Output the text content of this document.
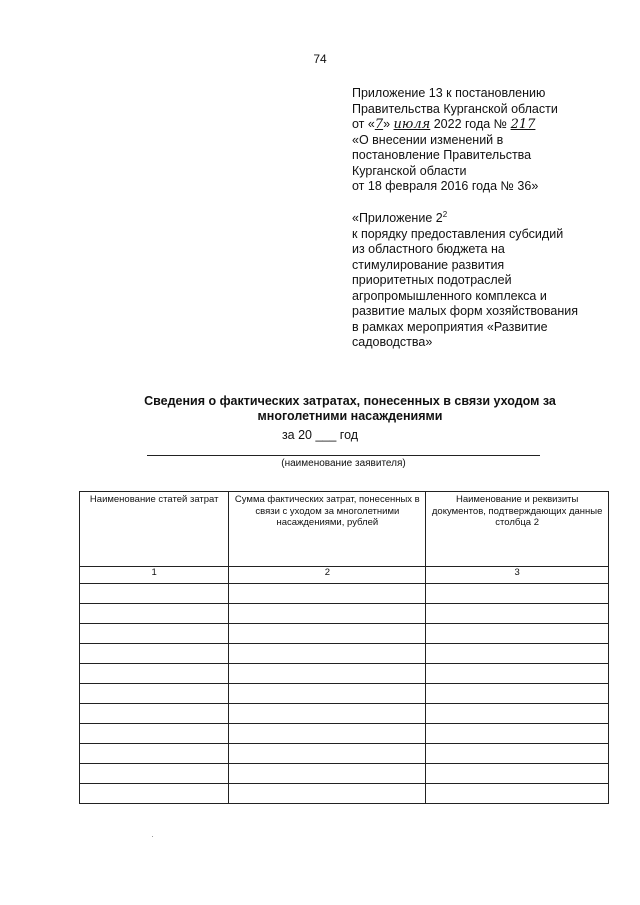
74
Приложение 13 к постановлению
Правительства Курганской области
от «7» июля 2022 года № 217
«О внесении изменений в
постановление Правительства
Курганской области
от 18 февраля 2016 года № 36»
«Приложение $2^2$
к порядку предоставления субсидий
из областного бюджета на
стимулирование развития
приоритетных подотраслей
агропромышленного комплекса и
развитие малых форм хозяйствования
в рамках мероприятия «Развитие
садоводства»
Сведения о фактических затратах, понесенных в связи уходом за
многолетними насаждениями
за 20 ___ год
(наименование заявителя)
Наименование статей затрат	Сумма фактических затрат, понесенных в связи с уходом за многолетними насаждениями, рублей	Наименование и реквизиты документов, подтверждающих данные столбца 2
1	2	3
